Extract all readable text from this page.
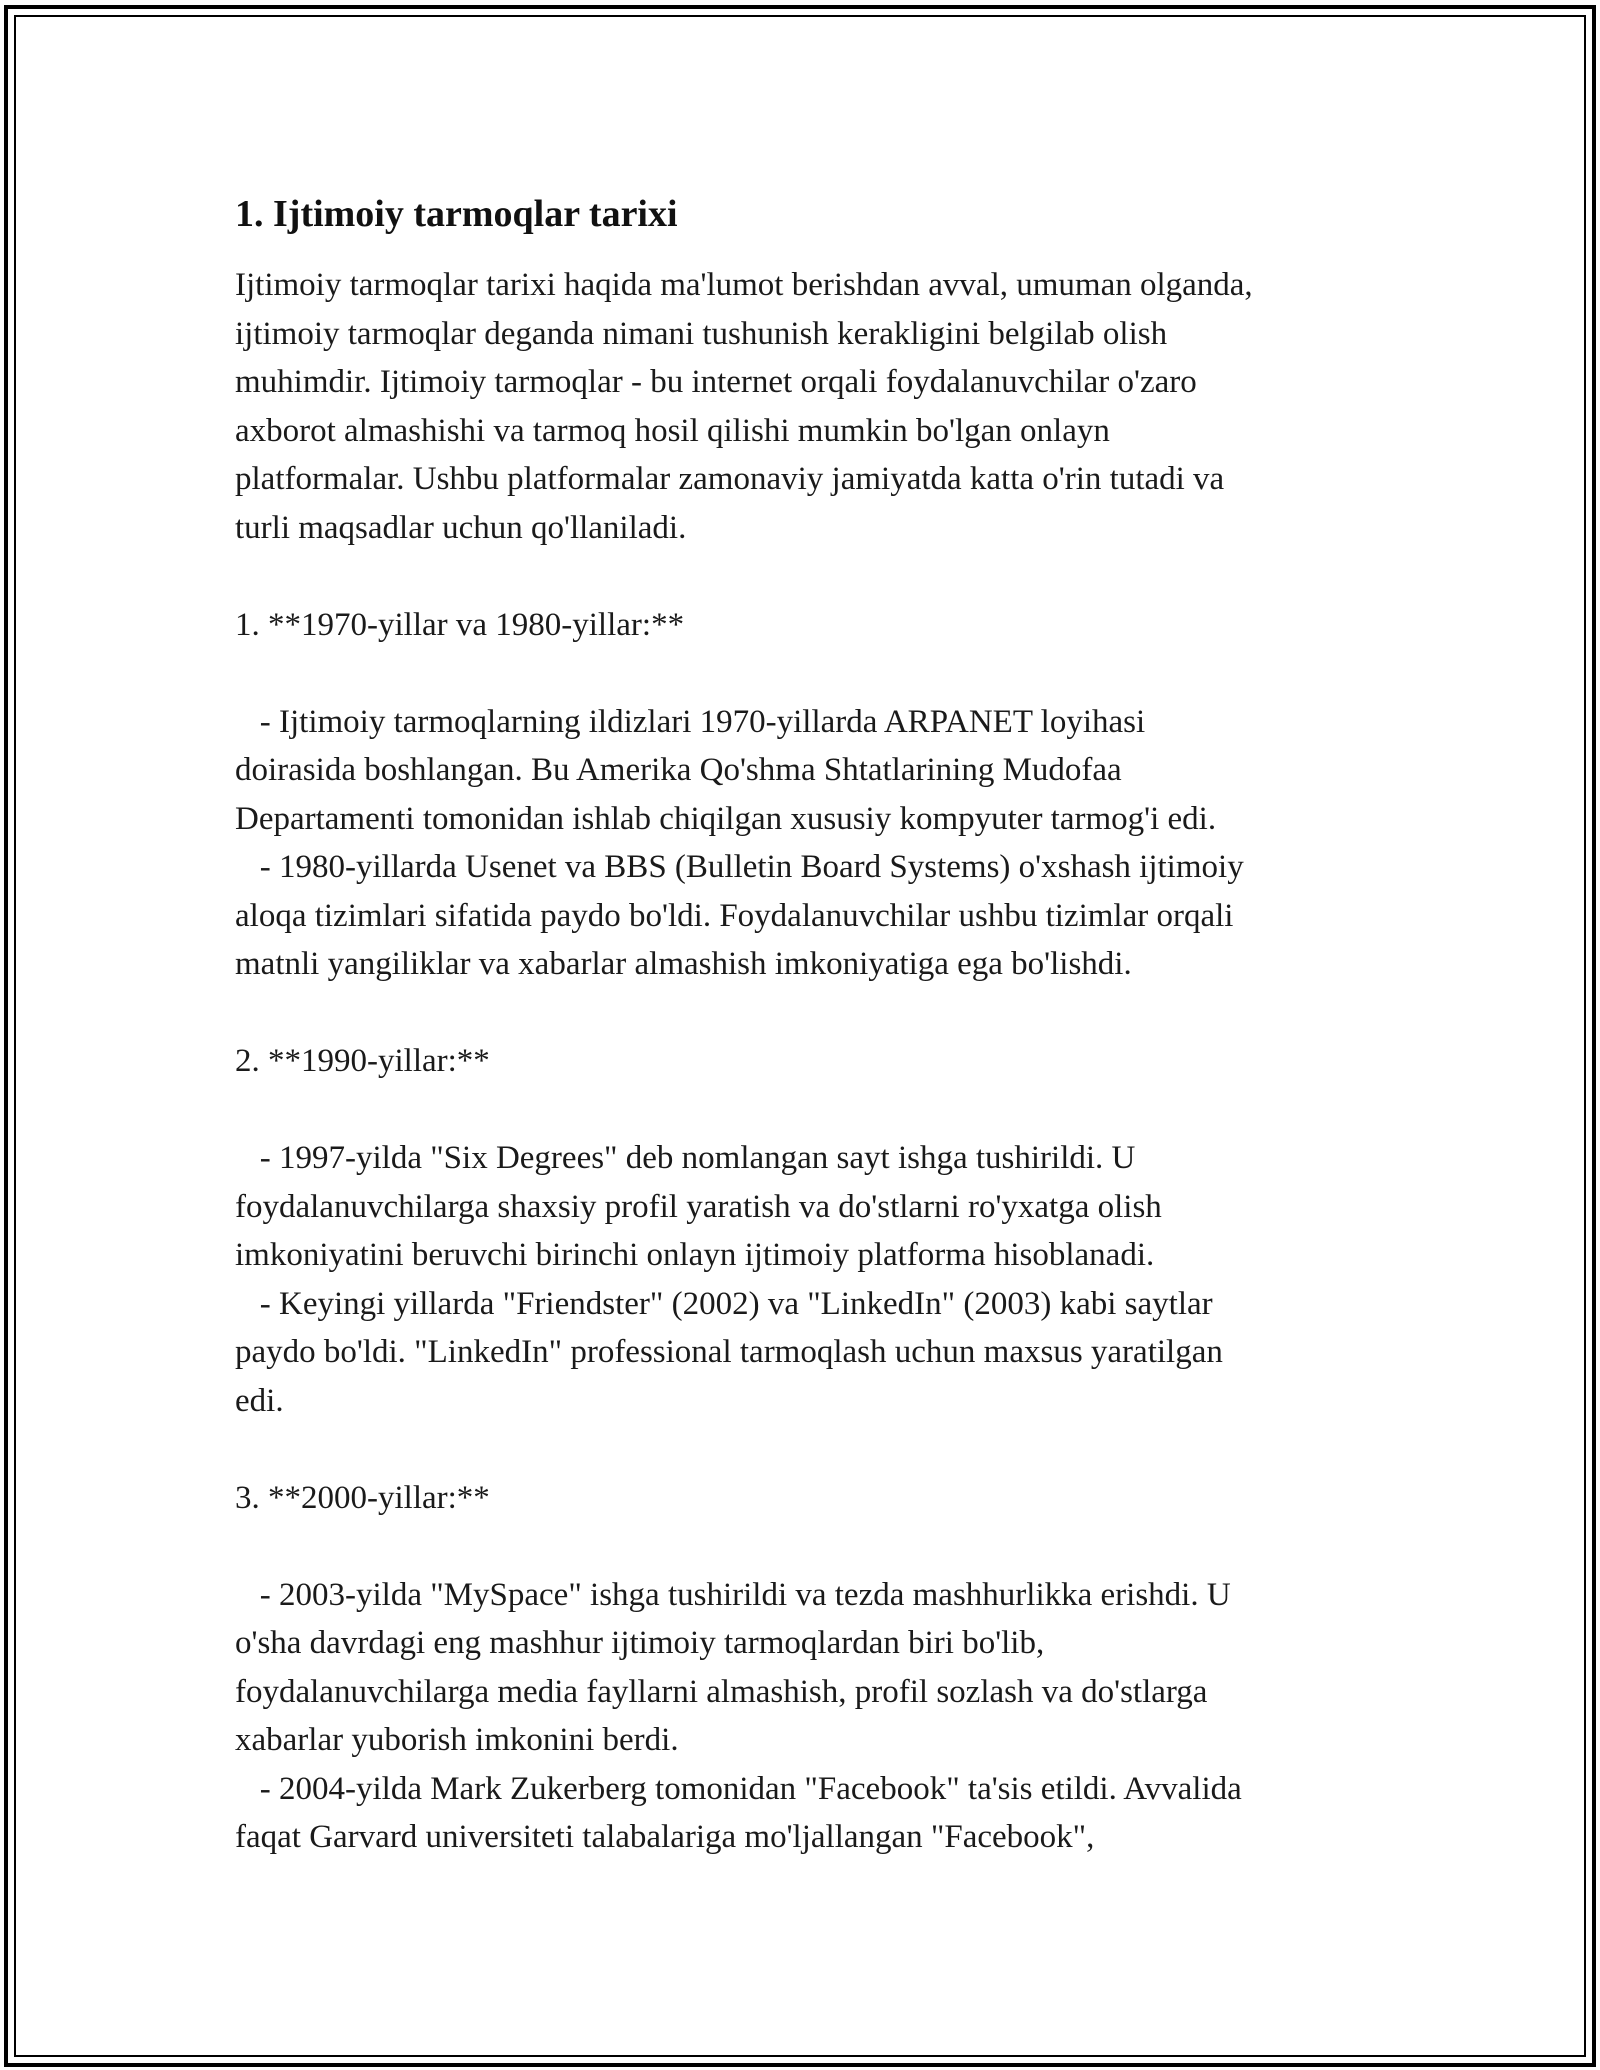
1. Ijtimoiy tarmoqlar tarixi
Ijtimoiy tarmoqlar tarixi haqida ma'lumot berishdan avval, umuman olganda,
ijtimoiy tarmoqlar deganda nimani tushunish kerakligini belgilab olish
muhimdir. Ijtimoiy tarmoqlar - bu internet orqali foydalanuvchilar o'zaro
axborot almashishi va tarmoq hosil qilishi mumkin bo'lgan onlayn
platformalar. Ushbu platformalar zamonaviy jamiyatda katta o'rin tutadi va
turli maqsadlar uchun qo'llaniladi.
1. **1970-yillar va 1980-yillar:**
- Ijtimoiy tarmoqlarning ildizlari 1970-yillarda ARPANET loyihasi
doirasida boshlangan. Bu Amerika Qo'shma Shtatlarining Mudofaa
Departamenti tomonidan ishlab chiqilgan xususiy kompyuter tarmog'i edi.
- 1980-yillarda Usenet va BBS (Bulletin Board Systems) o'xshash ijtimoiy
aloqa tizimlari sifatida paydo bo'ldi. Foydalanuvchilar ushbu tizimlar orqali
matnli yangiliklar va xabarlar almashish imkoniyatiga ega bo'lishdi.
2. **1990-yillar:**
- 1997-yilda "Six Degrees" deb nomlangan sayt ishga tushirildi. U
foydalanuvchilarga shaxsiy profil yaratish va do'stlarni ro'yxatga olish
imkoniyatini beruvchi birinchi onlayn ijtimoiy platforma hisoblanadi.
- Keyingi yillarda "Friendster" (2002) va "LinkedIn" (2003) kabi saytlar
paydo bo'ldi. "LinkedIn" professional tarmoqlash uchun maxsus yaratilgan
edi.
3. **2000-yillar:**
- 2003-yilda "MySpace" ishga tushirildi va tezda mashhurlikka erishdi. U
o'sha davrdagi eng mashhur ijtimoiy tarmoqlardan biri bo'lib,
foydalanuvchilarga media fayllarni almashish, profil sozlash va do'stlarga
xabarlar yuborish imkonini berdi.
- 2004-yilda Mark Zukerberg tomonidan "Facebook" ta'sis etildi. Avvalida
faqat Garvard universiteti talabalariga mo'ljallangan "Facebook",
